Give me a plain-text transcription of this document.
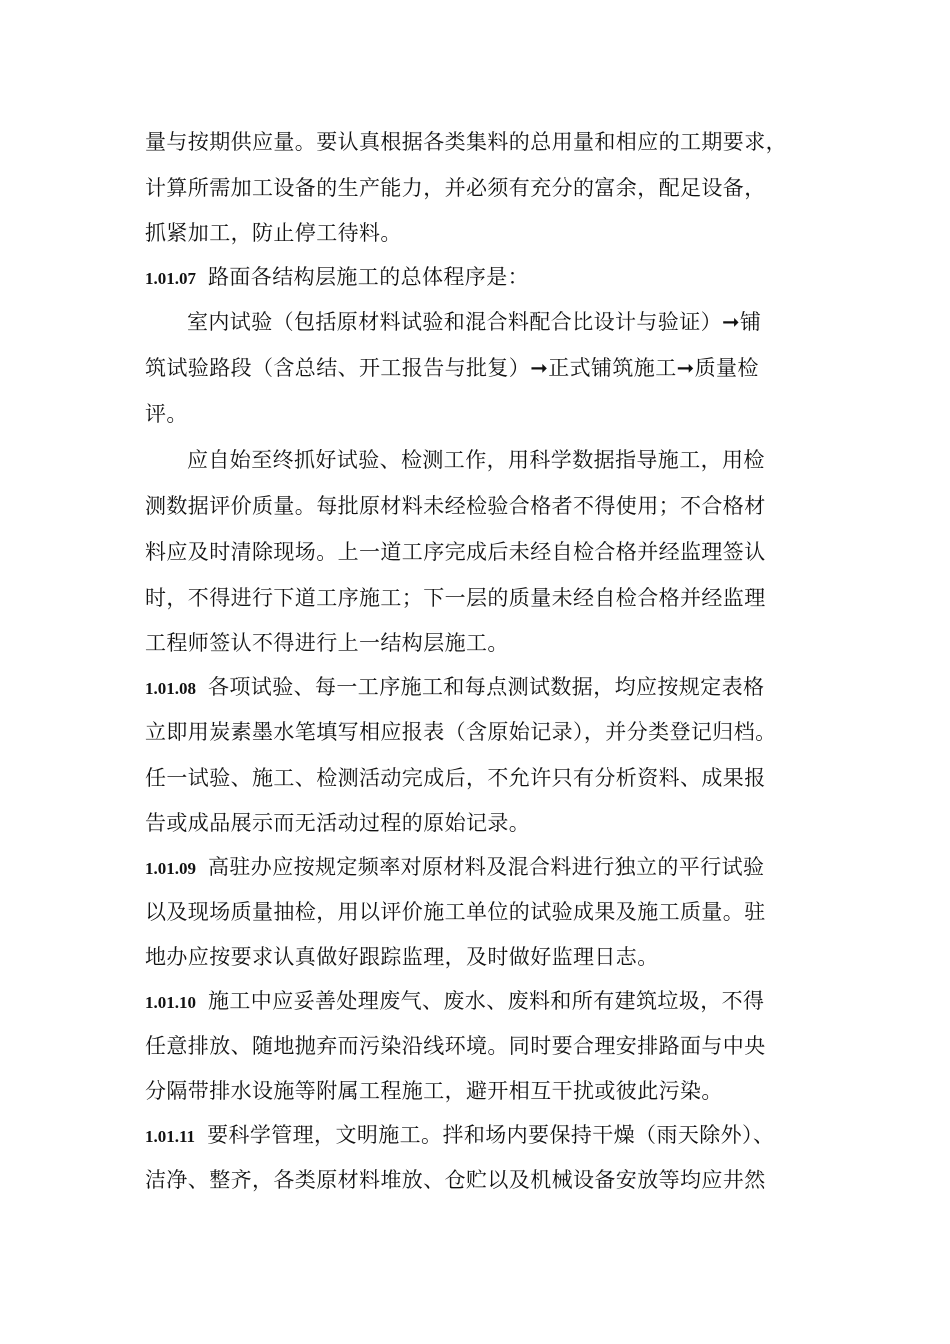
量与按期供应量。要认真根据各类集料的总用量和相应的工期要求，
计算所需加工设备的生产能力，并必须有充分的富余，配足设备，
抓紧加工，防止停工待料。
1.01.07 路面各结构层施工的总体程序是：
室内试验（包括原材料试验和混合料配合比设计与验证）➞铺
筑试验路段（含总结、开工报告与批复）➞正式铺筑施工➞质量检
评。
应自始至终抓好试验、检测工作，用科学数据指导施工，用检
测数据评价质量。每批原材料未经检验合格者不得使用；不合格材
料应及时清除现场。上一道工序完成后未经自检合格并经监理签认
时，不得进行下道工序施工；下一层的质量未经自检合格并经监理
工程师签认不得进行上一结构层施工。
1.01.08 各项试验、每一工序施工和每点测试数据，均应按规定表格
立即用炭素墨水笔填写相应报表（含原始记录），并分类登记归档。
任一试验、施工、检测活动完成后，不允许只有分析资料、成果报
告或成品展示而无活动过程的原始记录。
1.01.09 高驻办应按规定频率对原材料及混合料进行独立的平行试验
以及现场质量抽检，用以评价施工单位的试验成果及施工质量。驻
地办应按要求认真做好跟踪监理，及时做好监理日志。
1.01.10 施工中应妥善处理废气、废水、废料和所有建筑垃圾，不得
任意排放、随地抛弃而污染沿线环境。同时要合理安排路面与中央
分隔带排水设施等附属工程施工，避开相互干扰或彼此污染。
1.01.11 要科学管理，文明施工。拌和场内要保持干燥（雨天除外）、
洁净、整齐，各类原材料堆放、仓贮以及机械设备安放等均应井然
